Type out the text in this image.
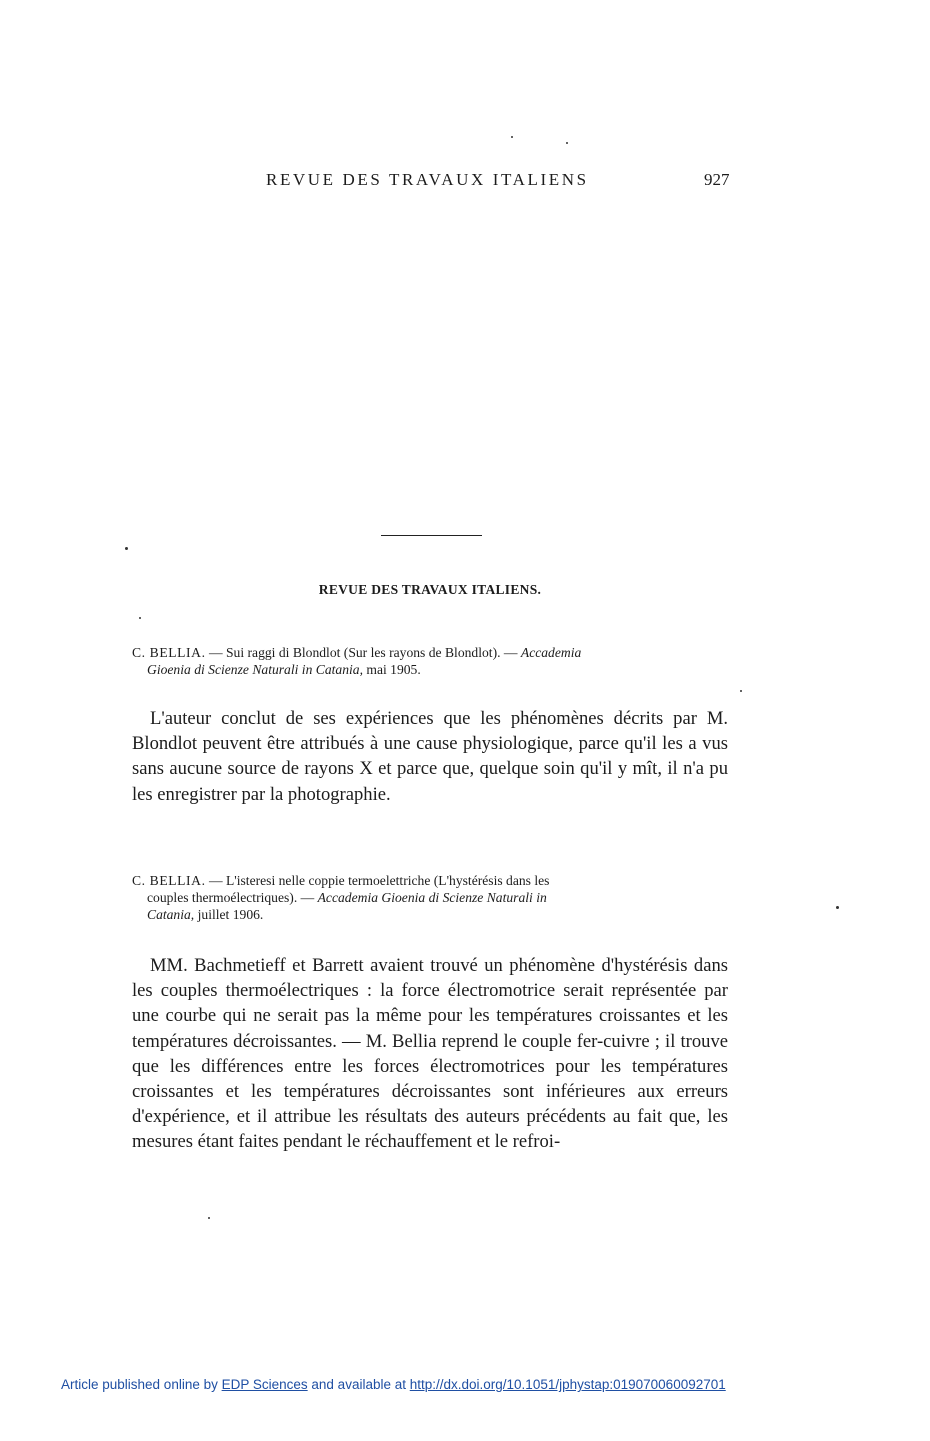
REVUE DES TRAVAUX ITALIENS	927
REVUE DES TRAVAUX ITALIENS.
C. BELLIA. — Sui raggi di Blondlot (Sur les rayons de Blondlot). — Accademia
Gioenia di Scienze Naturali in Catania, mai 1905.
L'auteur conclut de ses expériences que les phénomènes décrits par M. Blondlot peuvent être attribués à une cause physiologique, parce qu'il les a vus sans aucune source de rayons X et parce que, quelque soin qu'il y mît, il n'a pu les enregistrer par la photographie.
C. BELLIA. — L'isteresi nelle coppie termoelettriche (L'hystérésis dans les
couples thermoélectriques). — Accademia Gioenia di Scienze Naturali in
Catania, juillet 1906.
MM. Bachmetieff et Barrett avaient trouvé un phénomène d'hystérésis dans les couples thermoélectriques : la force électromotrice serait représentée par une courbe qui ne serait pas la même pour les températures croissantes et les températures décroissantes. — M. Bellia reprend le couple fer-cuivre ; il trouve que les différences entre les forces électromotrices pour les températures croissantes et les températures décroissantes sont inférieures aux erreurs d'expérience, et il attribue les résultats des auteurs précédents au fait que, les mesures étant faites pendant le réchauffement et le refroi-
Article published online by EDP Sciences and available at http://dx.doi.org/10.1051/jphystap:019070060092701
